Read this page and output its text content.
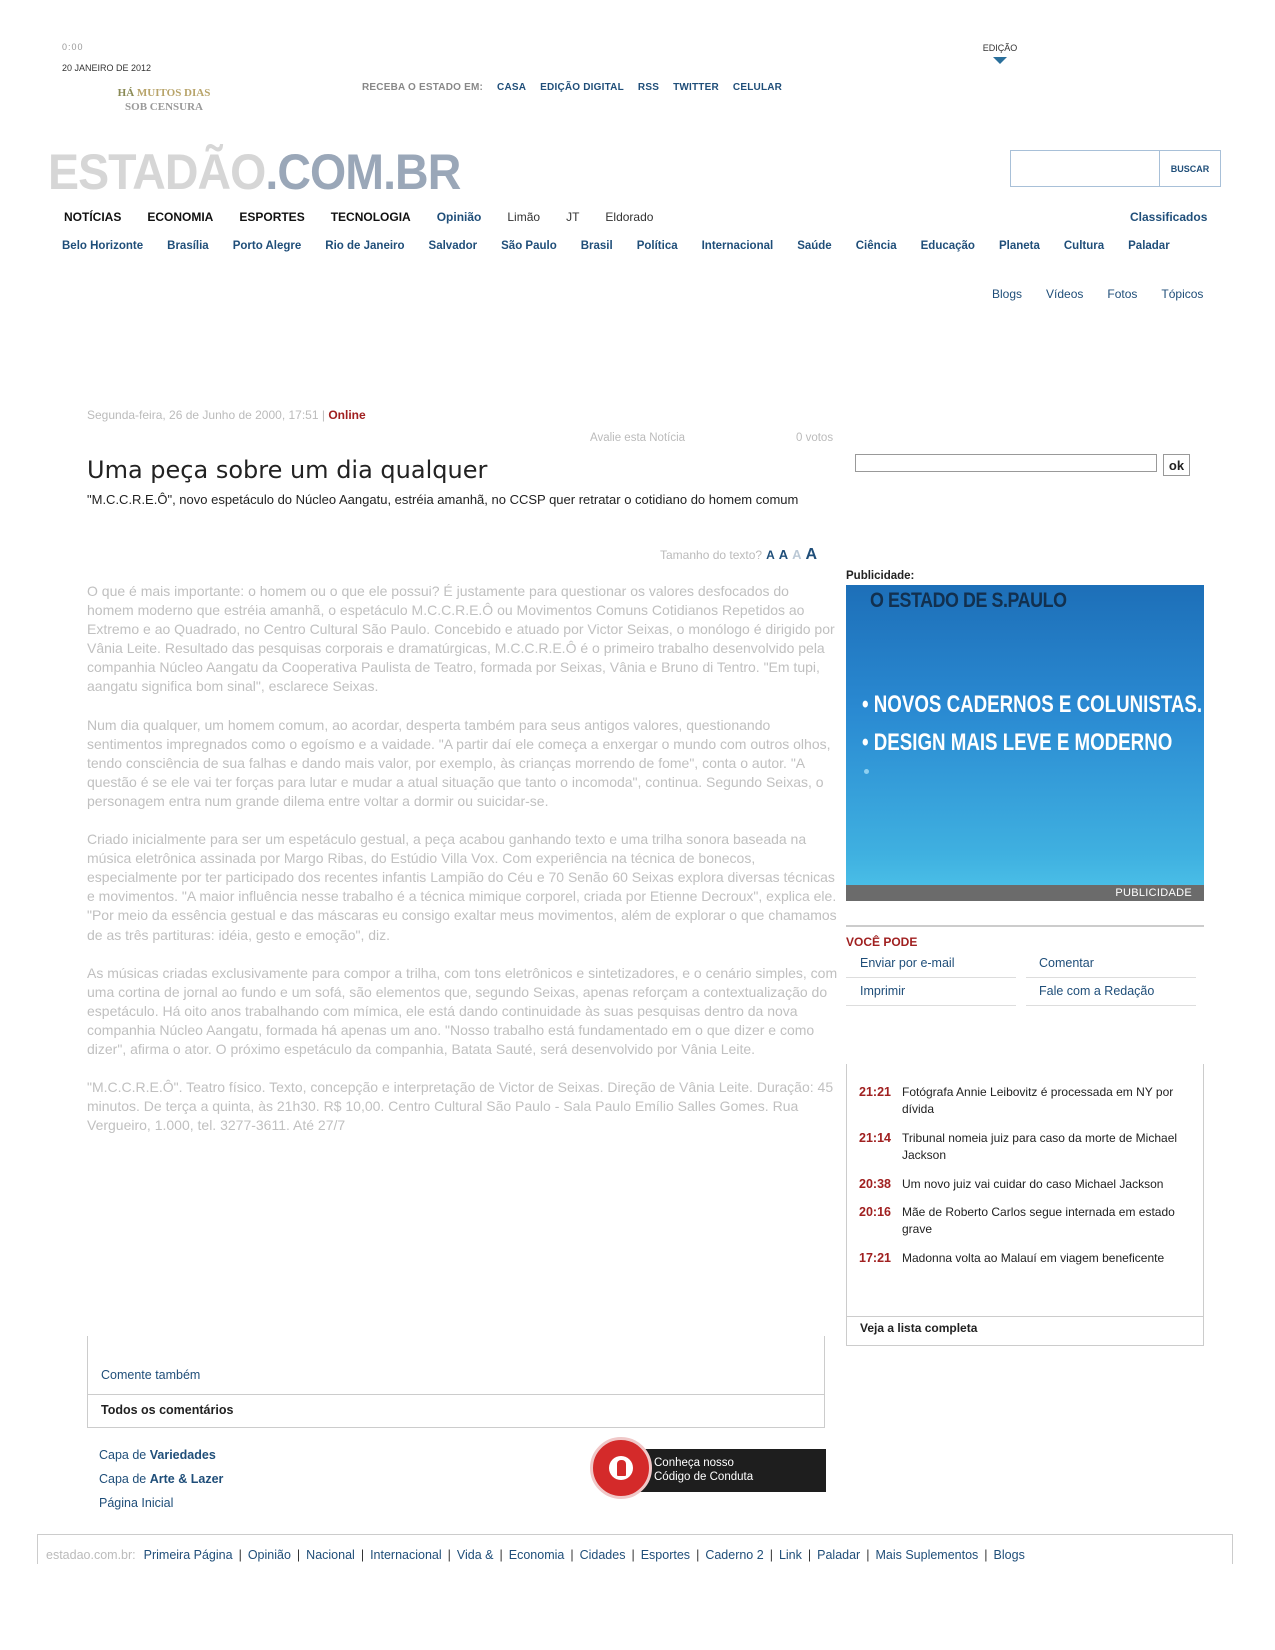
0:00
20 JANEIRO DE 2012
HÁ MUITOS DIAS
SOB CENSURA
RECEBA O ESTADO EM: CASA EDIÇÃO DIGITAL RSS TWITTER CELULAR
EDIÇÃO
ESTADÃO.COM.BR	BUSCAR
NOTÍCIAS ECONOMIA ESPORTES TECNOLOGIA Opinião Limão JT Eldorado	Classificados
Belo Horizonte Brasília Porto Alegre Rio de Janeiro Salvador São Paulo Brasil Política Internacional Saúde Ciência Educação Planeta Cultura Paladar
Blogs Vídeos Fotos Tópicos
Segunda-feira, 26 de Junho de 2000, 17:51 | Online
Avalie esta Notícia	0 votos
Uma peça sobre um dia qualquer
"M.C.C.R.E.Ô", novo espetáculo do Núcleo Aangatu, estréia amanhã, no CCSP quer retratar o cotidiano do homem comum
Tamanho do texto? A A A A

O que é mais importante: o homem ou o que ele possui? É justamente para questionar os valores desfocados do homem moderno que estréia amanhã, o espetáculo M.C.C.R.E.Ô ou Movimentos Comuns Cotidianos Repetidos ao Extremo e ao Quadrado, no Centro Cultural São Paulo. Concebido e atuado por Victor Seixas, o monólogo é dirigido por Vânia Leite. Resultado das pesquisas corporais e dramatúrgicas, M.C.C.R.E.Ô é o primeiro trabalho desenvolvido pela companhia Núcleo Aangatu da Cooperativa Paulista de Teatro, formada por Seixas, Vânia e Bruno di Tentro. "Em tupi, aangatu significa bom sinal", esclarece Seixas.

Num dia qualquer, um homem comum, ao acordar, desperta também para seus antigos valores, questionando sentimentos impregnados como o egoísmo e a vaidade. "A partir daí ele começa a enxergar o mundo com outros olhos, tendo consciência de sua falhas e dando mais valor, por exemplo, às crianças morrendo de fome", conta o autor. "A questão é se ele vai ter forças para lutar e mudar a atual situação que tanto o incomoda", continua. Segundo Seixas, o personagem entra num grande dilema entre voltar a dormir ou suicidar-se.

Criado inicialmente para ser um espetáculo gestual, a peça acabou ganhando texto e uma trilha sonora baseada na música eletrônica assinada por Margo Ribas, do Estúdio Villa Vox. Com experiência na técnica de bonecos, especialmente por ter participado dos recentes infantis Lampião do Céu e 70 Senão 60 Seixas explora diversas técnicas e movimentos. "A maior influência nesse trabalho é a técnica mimique corporel, criada por Etienne Decroux", explica ele. "Por meio da essência gestual e das máscaras eu consigo exaltar meus movimentos, além de explorar o que chamamos de as três partituras: idéia, gesto e emoção", diz.

As músicas criadas exclusivamente para compor a trilha, com tons eletrônicos e sintetizadores, e o cenário simples, com uma cortina de jornal ao fundo e um sofá, são elementos que, segundo Seixas, apenas reforçam a contextualização do espetáculo. Há oito anos trabalhando com mímica, ele está dando continuidade às suas pesquisas dentro da nova companhia Núcleo Aangatu, formada há apenas um ano. "Nosso trabalho está fundamentado em o que dizer e como dizer", afirma o ator. O próximo espetáculo da companhia, Batata Sauté, será desenvolvido por Vânia Leite.

"M.C.C.R.E.Ô". Teatro físico. Texto, concepção e interpretação de Victor de Seixas. Direção de Vânia Leite. Duração: 45 minutos. De terça a quinta, às 21h30. R$ 10,00. Centro Cultural São Paulo - Sala Paulo Emílio Salles Gomes. Rua Vergueiro, 1.000, tel. 3277-3611. Até 27/7

ok
Publicidade:
O ESTADO DE S.PAULO
• NOVOS CADERNOS E COLUNISTAS.
• DESIGN MAIS LEVE E MODERNO
PUBLICIDADE
VOCÊ PODE
Enviar por e-mail	Comentar
Imprimir	Fale com a Redação
21:21 Fotógrafa Annie Leibovitz é processada em NY por dívida
21:14 Tribunal nomeia juiz para caso da morte de Michael Jackson
20:38 Um novo juiz vai cuidar do caso Michael Jackson
20:16 Mãe de Roberto Carlos segue internada em estado grave
17:21 Madonna volta ao Malauí em viagem beneficente
Veja a lista completa
Comente também
Todos os comentários
Capa de Variedades
Capa de Arte & Lazer
Página Inicial
Conheça nosso
Código de Conduta
estadao.com.br: Primeira Página | Opinião | Nacional | Internacional | Vida & | Economia | Cidades | Esportes | Caderno 2 | Link | Paladar | Mais Suplementos | Blogs
